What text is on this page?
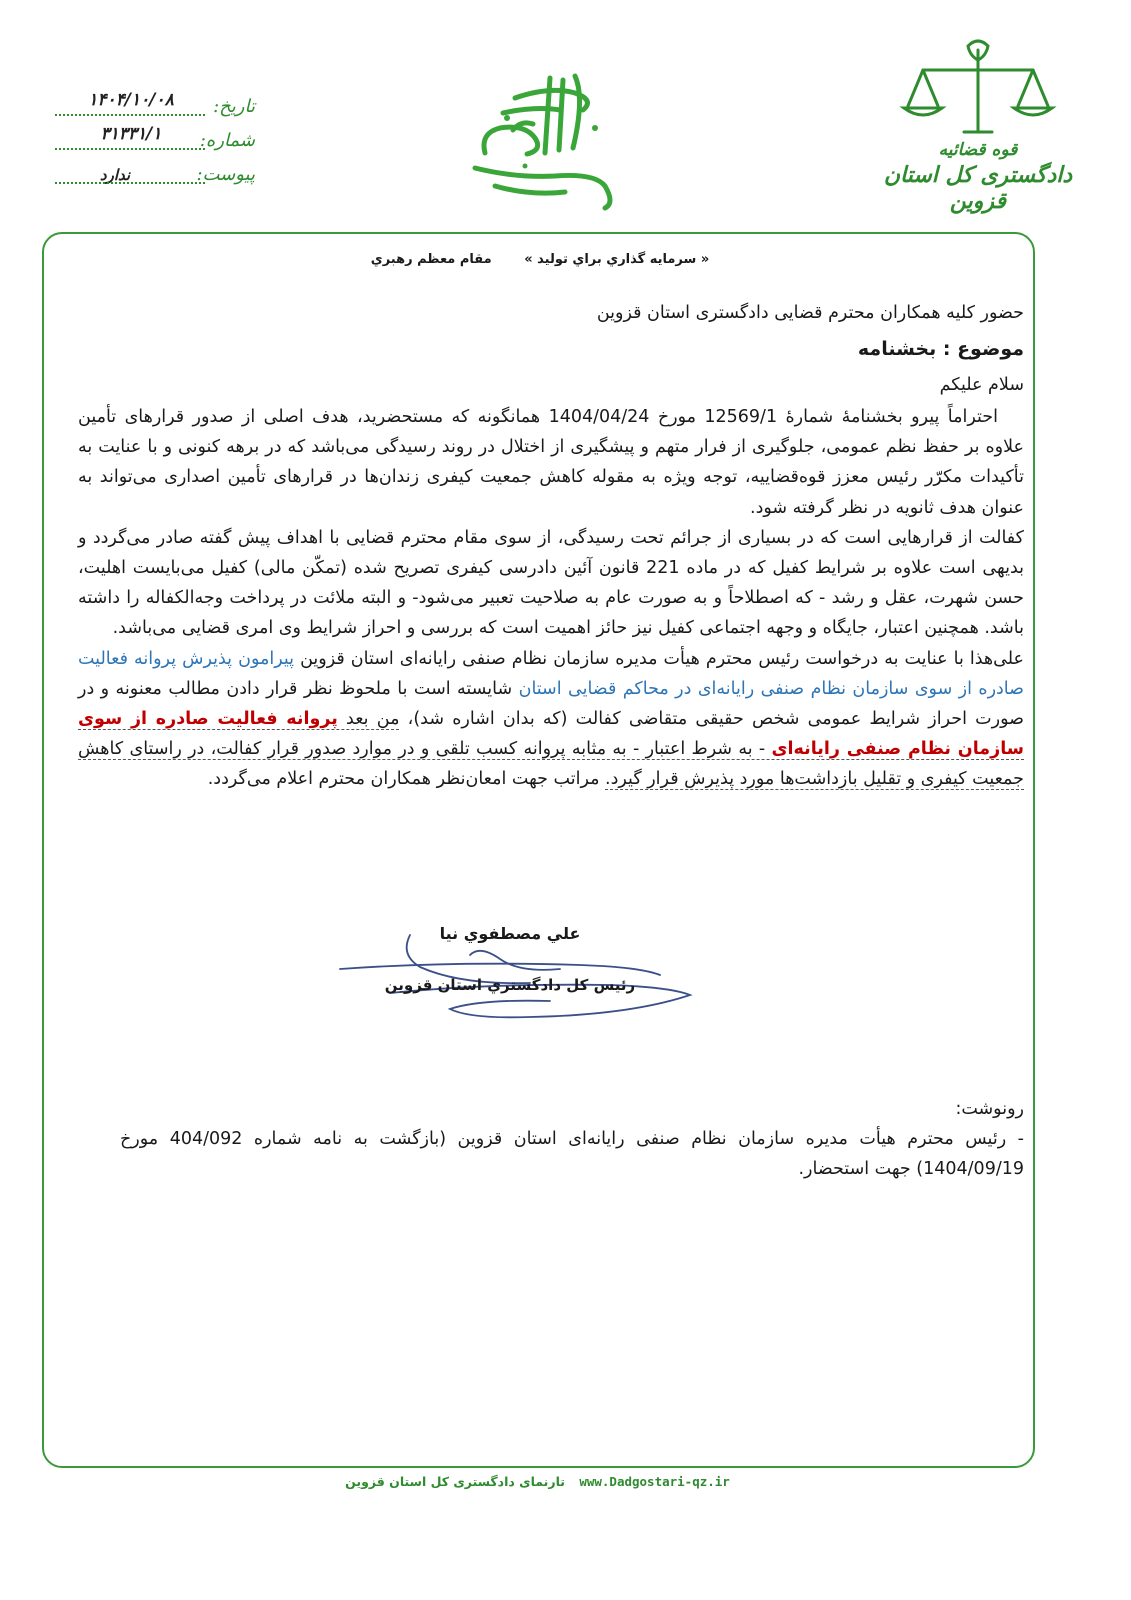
۱۴۰۴/۱۰/۰۸	تاریخ:
۳۱۳۳۱/۱	شماره:
ندارد	پیوست:
قوه قضائیه
دادگستری کل استان قزوین
« سرمايه گذاري براي توليد » مقام معظم رهبري
حضور کلیه همکاران محترم قضایی دادگستری استان قزوین
موضوع : بخشنامه
سلام علیکم

احتراماً پیرو بخشنامهٔ شمارهٔ 12569/1 مورخ 1404/04/24 همانگونه که مستحضرید، هدف اصلی از صدور قرارهای تأمین علاوه بر حفظ نظم عمومی، جلوگیری از فرار متهم و پیشگیری از اختلال در روند رسیدگی می‌باشد که در برهه کنونی و با عنایت به تأکیدات مکرّر رئیس معزز قوه‌قضاییه، توجه ویژه به مقوله کاهش جمعیت کیفری زندان‌ها در قرارهای تأمین اصداری می‌تواند به عنوان هدف ثانویه در نظر گرفته شود.

کفالت از قرارهایی است که در بسیاری از جرائم تحت رسیدگی، از سوی مقام محترم قضایی با اهداف پیش گفته صادر می‌گردد و بدیهی است علاوه بر شرایط کفیل که در ماده 221 قانون آئین دادرسی کیفری تصریح شده (تمکّن مالی) کفیل می‌بایست اهلیت، حسن شهرت، عقل و رشد - که اصطلاحاً و به صورت عام به صلاحیت تعبیر می‌شود- و البته ملائت در پرداخت وجه‌الکفاله را داشته باشد. همچنین اعتبار، جایگاه و وجهه اجتماعی کفیل نیز حائز اهمیت است که بررسی و احراز شرایط وی امری قضایی می‌باشد.

علی‌هذا با عنایت به درخواست رئیس محترم هیأت مدیره سازمان نظام صنفی رایانه‌ای استان قزوین پیرامون پذیرش پروانه فعالیت صادره از سوی سازمان نظام صنفی رایانه‌ای در محاکم قضایی استان شایسته است با ملحوظ نظر قرار دادن مطالب معنونه و در صورت احراز شرایط عمومی شخص حقیقی متقاضی کفالت (که بدان اشاره شد)، من بعد پروانه فعالیت صادره از سوی سازمان نظام صنفی رایانه‌ای - به شرط اعتبار - به مثابه پروانه کسب تلقی و در موارد صدور قرار کفالت، در راستای کاهش جمعیت کیفری و تقلیل بازداشت‌ها مورد پذیرش قرار گیرد. مراتب جهت امعان‌نظر همکاران محترم اعلام می‌گردد.

علي مصطفوي نيا
رئيس كل دادگستري استان قزوين
رونوشت:

- رئیس محترم هیأت مدیره سازمان نظام صنفی رایانه‌ای استان قزوین (بازگشت به نامه شماره 404/092 مورخ 1404/09/19) جهت استحضار.

تارنمای دادگستری کل استان قزوین www.Dadgostari-qz.ir
